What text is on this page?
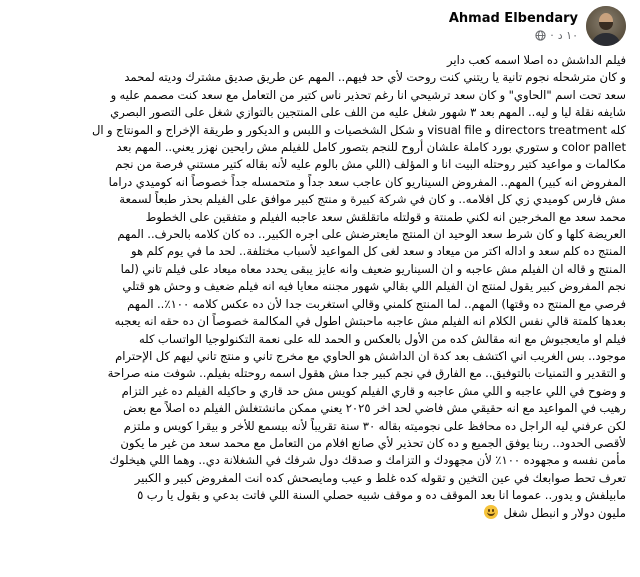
Ahmad Elbendary
١٠ د
·

فيلم الداشش ده اصلا اسمه كعب داير

و كان مترشحله نجوم تانية يا ريتني كنت روحت لأي حد فيهم.. المهم عن طريق صديق مشترك وديته لمحمد

سعد تحت اسم "الحاوي" و كان سعد ترشيحي انا رغم تحذير ناس كتير من التعامل مع سعد كنت مصمم عليه و

شايفه نقلة ليا و ليه.. المهم بعد ٣ شهور شغل عليه من اللف على المنتجين بالتوازي شغل على التصور البصري

كله directors treatment و visual file و شكل الشخصيات و اللبس و الديكور و طريقة الإخراج و المونتاج و ال

color pallet و ستوري بورد كاملة علشان أروح للنجم بتصور كامل للفيلم مش رايحين نهزر يعني.. المهم بعد

مكالمات و مواعيد كتير روحتله البيت انا و المؤلف (اللي مش بالوم عليه لأنه بقاله كتير مستني فرصة من نجم

المفروض انه كبير) المهم.. المفروض السيناريو كان عاجب سعد جداً و متحمسله جداً خصوصاً انه كوميدي دراما

مش فارس كوميدي زي كل افلامه.. و كان في شركة كبيرة و منتج كبير موافق على الفيلم بحذر طبعاً لسمعة

محمد سعد مع المخرجين انه لكني طمنتة و قولتله ماتقلقش سعد عاجبه الفيلم و متفقين على الخطوط

العريضة كلها و كان شرط سعد الوحيد ان المنتج مايعترضش على اجره الكبير.. ده كان كلامه بالحرف.. المهم

المنتج ده كلم سعد و اداله اكتر من ميعاد و سعد لغى كل المواعيد لأسباب مختلفة.. لحد ما في يوم كلم هو

المنتج و قاله ان الفيلم مش عاجبه و ان السيناريو ضعيف وانه عايز يبقى يحدد معاه ميعاد على فيلم تاني (لما

نجم المفروض كبير يقول لمنتج ان الفيلم اللي بقالي شهور مجننه معايا فيه انه فيلم ضعيف و وحش هو قتلي

فرصي مع المنتج ده وقتها) المهم.. لما المنتج كلمني وقالي استغربت جدا لأن ده عكس كلامه ١٠٠٪.. المهم

بعدها كلمتة قالي نفس الكلام انه الفيلم مش عاجبه ماحبتش اطول في المكالمة خصوصاً ان ده حقه انه يعجبه

فيلم او مايعجبوش مع انه مقالش كده من الأول بالعكس و الحمد لله على نعمة التكنولوجيا الواتساب كله

موجود.. بس الغريب اني اكتشف بعد كدة ان الداشش هو الحاوي مع مخرج تاني و منتج تاني ليهم كل الإحترام

و التقدير و التمنيات بالتوفيق.. مع الفارق في نجم كبير جدا مش هقول اسمه روحتله بفيلم.. شوفت منه صراحة

و وضوح في اللي عاجبه و اللي مش عاجبه و قاري الفيلم كويس مش حد قاري و حاكيله الفيلم ده غير التزام

رهيب في المواعيد مع انه حقيقي مش فاضي لحد اخر ٢٠٢٥ يعني ممكن مانشتغلش الفيلم ده اصلاً مع بعض

لكن عرفني ليه الراجل ده محافظ على نجوميته بقاله ٣٠ سنة تقريباً لأنه بيسمع للأخر و بيقرا كويس و ملتزم

لأقصى الحدود.. ربنا يوفق الجميع و ده كان تحذير لأي صانع افلام من التعامل مع محمد سعد من غير ما يكون

مأمن نفسه و مجهوده ١٠٠٪ لأن مجهودك و التزامك و صدقك دول شرفك في الشغلانة دي.. وهما اللي هيخلوك

تعرف تحط صوابعك في عين التخين و تقوله كده غلط و عيب ومايصحش كده انت المفروض كبير و الكبير

مابيلفش و يدور.. عموما انا بعد الموقف ده و موقف شبيه حصلي السنة اللي فاتت بدعي و بقول يا رب ٥

مليون دولار و انبطل شغل
